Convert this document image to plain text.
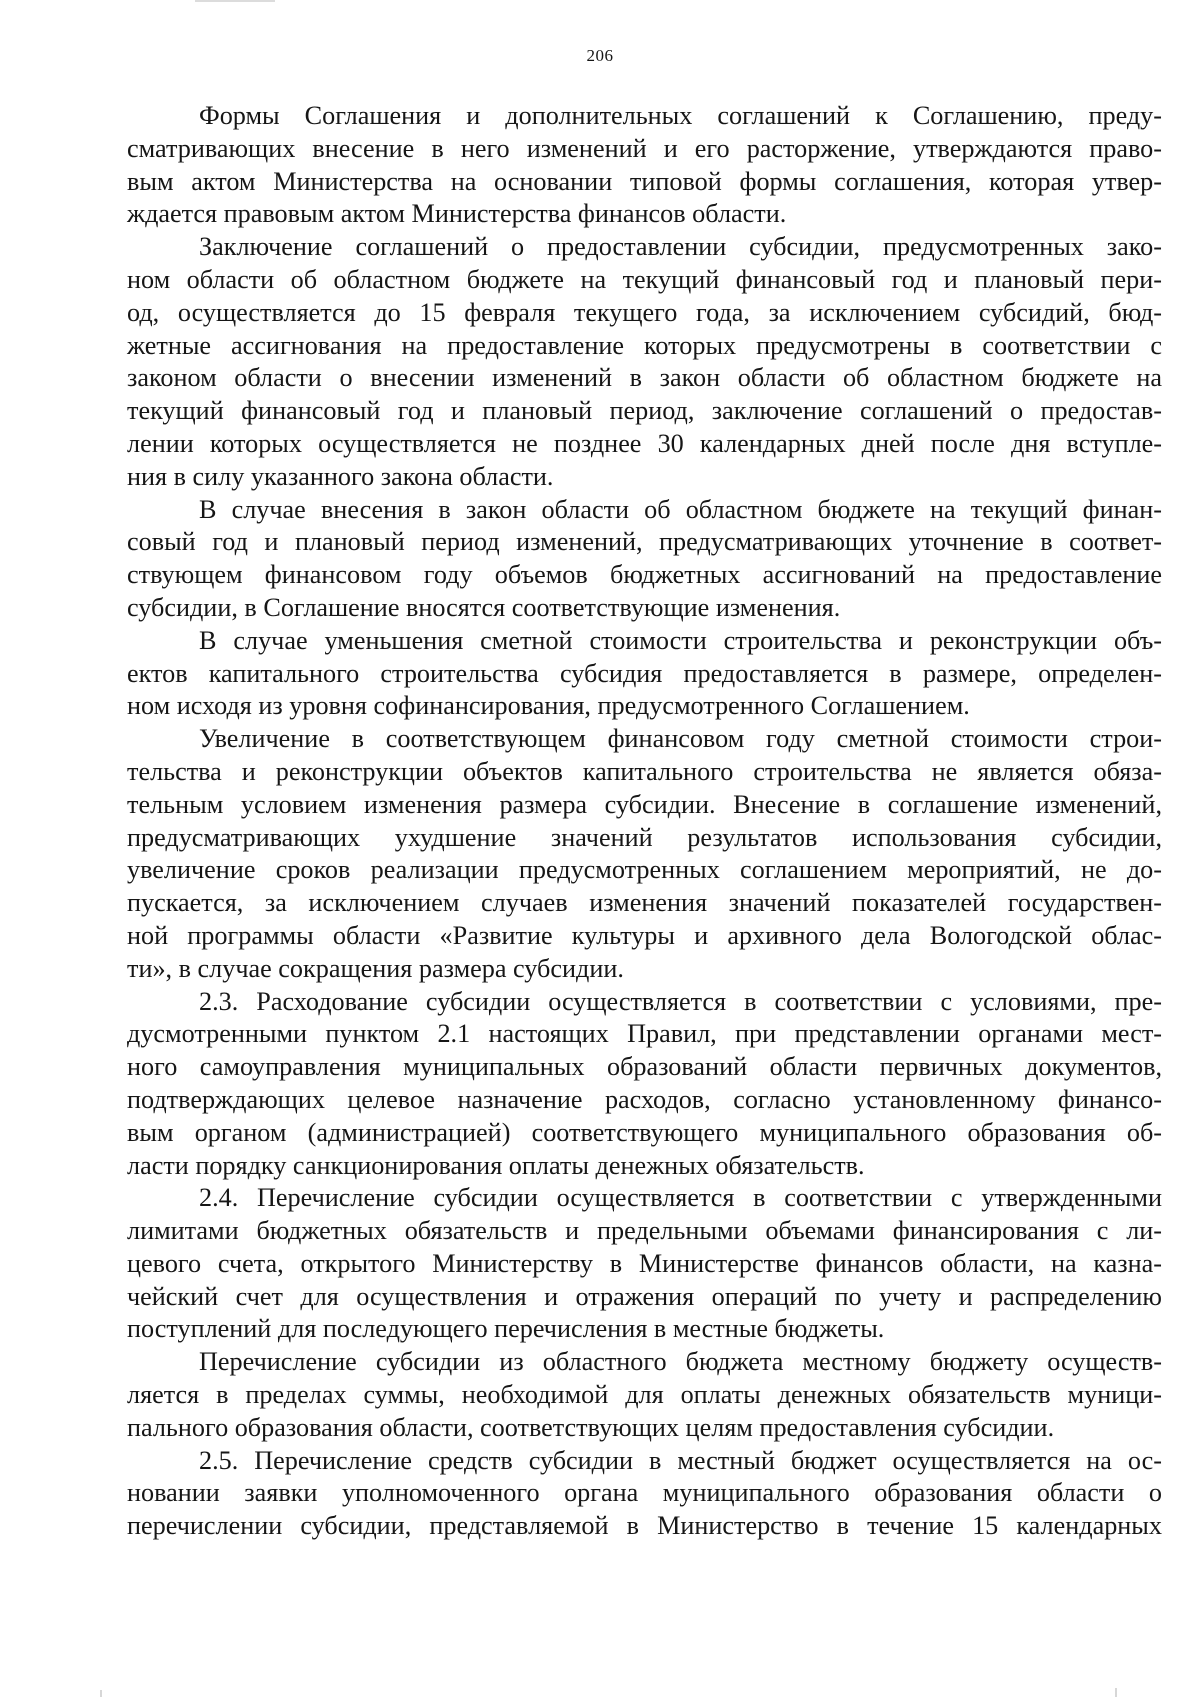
206

Формы Соглашения и дополнительных соглашений к Соглашению, преду-
сматривающих внесение в него изменений и его расторжение, утверждаются право-
вым актом Министерства на основании типовой формы соглашения, которая утвер-
ждается правовым актом Министерства финансов области.

Заключение соглашений о предоставлении субсидии, предусмотренных зако-
ном области об областном бюджете на текущий финансовый год и плановый пери-
од, осуществляется до 15 февраля текущего года, за исключением субсидий, бюд-
жетные ассигнования на предоставление которых предусмотрены в соответствии с
законом области о внесении изменений в закон области об областном бюджете на
текущий финансовый год и плановый период, заключение соглашений о предостав-
лении которых осуществляется не позднее 30 календарных дней после дня вступле-
ния в силу указанного закона области.

В случае внесения в закон области об областном бюджете на текущий финан-
совый год и плановый период изменений, предусматривающих уточнение в соответ-
ствующем финансовом году объемов бюджетных ассигнований на предоставление
субсидии, в Соглашение вносятся соответствующие изменения.

В случае уменьшения сметной стоимости строительства и реконструкции объ-
ектов капитального строительства субсидия предоставляется в размере, определен-
ном исходя из уровня софинансирования, предусмотренного Соглашением.

Увеличение в соответствующем финансовом году сметной стоимости строи-
тельства и реконструкции объектов капитального строительства не является обяза-
тельным условием изменения размера субсидии. Внесение в соглашение изменений,
предусматривающих ухудшение значений результатов использования субсидии,
увеличение сроков реализации предусмотренных соглашением мероприятий, не до-
пускается, за исключением случаев изменения значений показателей государствен-
ной программы области «Развитие культуры и архивного дела Вологодской облас-
ти», в случае сокращения размера субсидии.

2.3. Расходование субсидии осуществляется в соответствии с условиями, пре-
дусмотренными пунктом 2.1 настоящих Правил, при представлении органами мест-
ного самоуправления муниципальных образований области первичных документов,
подтверждающих целевое назначение расходов, согласно установленному финансо-
вым органом (администрацией) соответствующего муниципального образования об-
ласти порядку санкционирования оплаты денежных обязательств.

2.4. Перечисление субсидии осуществляется в соответствии с утвержденными
лимитами бюджетных обязательств и предельными объемами финансирования с ли-
цевого счета, открытого Министерству в Министерстве финансов области, на казна-
чейский счет для осуществления и отражения операций по учету и распределению
поступлений для последующего перечисления в местные бюджеты.

Перечисление субсидии из областного бюджета местному бюджету осуществ-
ляется в пределах суммы, необходимой для оплаты денежных обязательств муници-
пального образования области, соответствующих целям предоставления субсидии.

2.5. Перечисление средств субсидии в местный бюджет осуществляется на ос-
новании заявки уполномоченного органа муниципального образования области о
перечислении субсидии, представляемой в Министерство в течение 15 календарных
